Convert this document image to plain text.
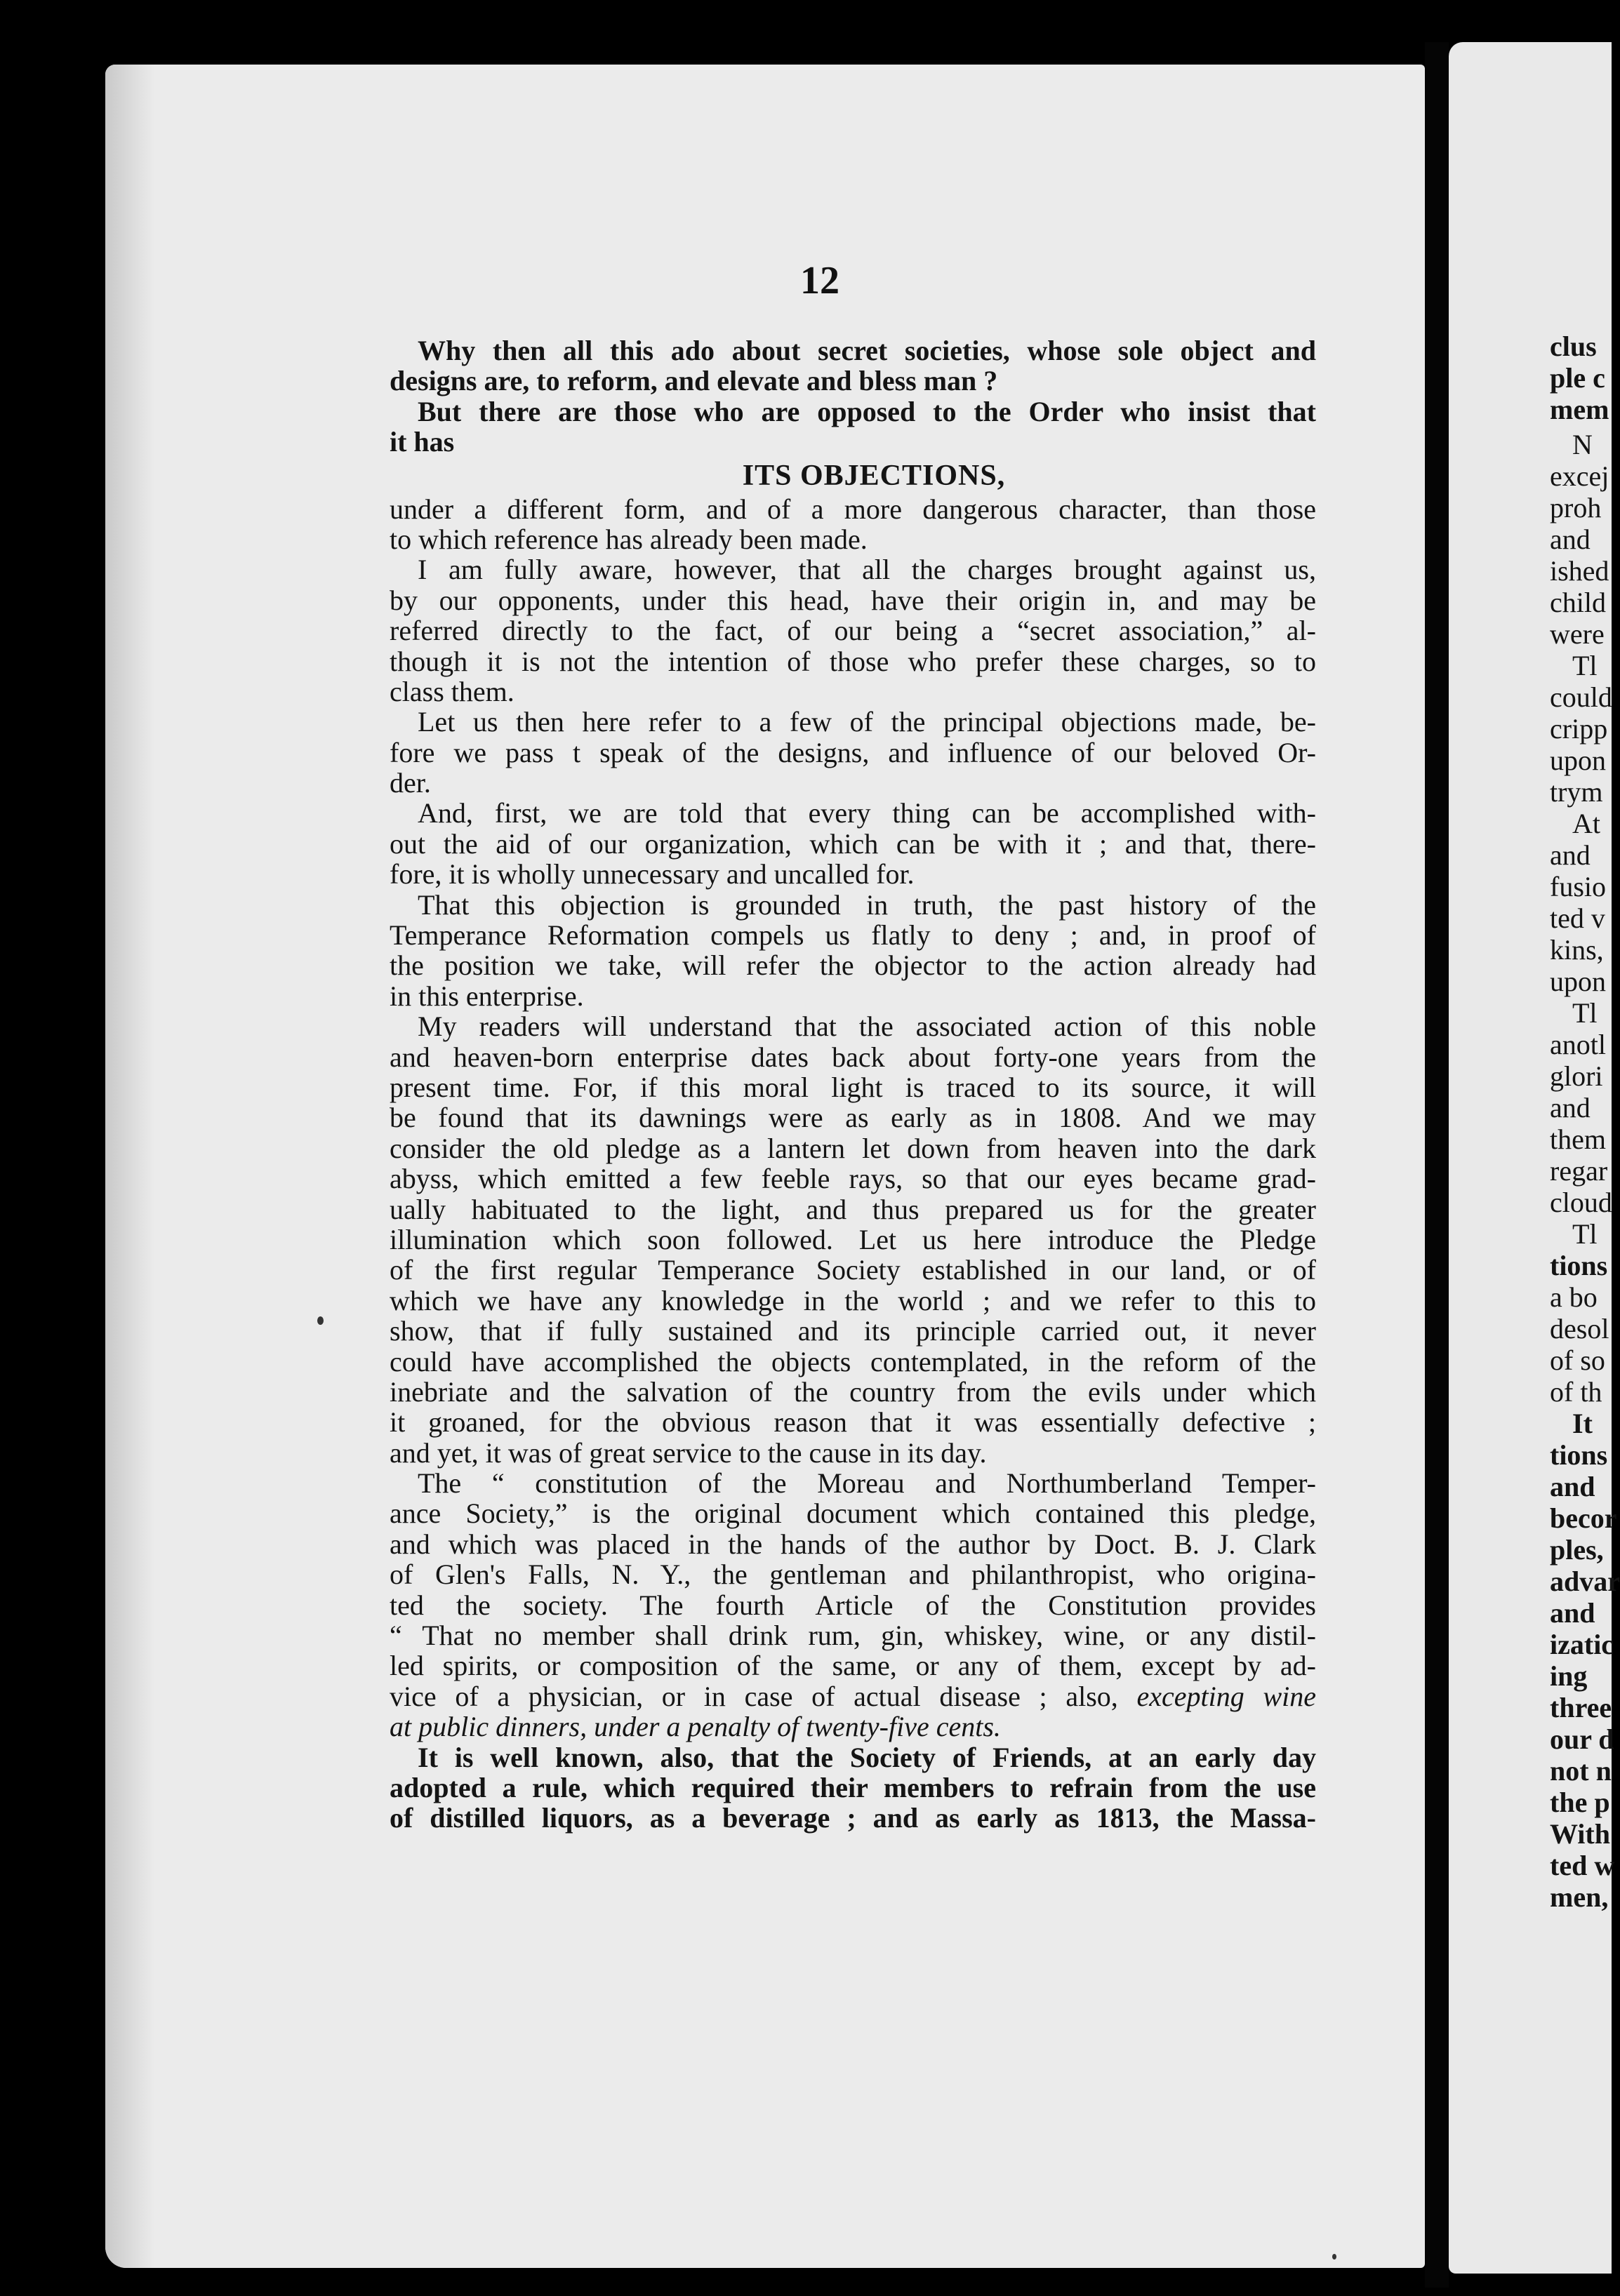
12
Why then all this ado about secret societies, whose sole object and
designs are, to reform, and elevate and bless man ?
But there are those who are opposed to the Order who insist that
it has
ITS OBJECTIONS,
under a different form, and of a more dangerous character, than those
to which reference has already been made.
I am fully aware, however, that all the charges brought against us,
by our opponents, under this head, have their origin in, and may be
referred directly to the fact, of our being a “secret association,” al-
though it is not the intention of those who prefer these charges, so to
class them.
Let us then here refer to a few of the principal objections made, be-
fore we pass t speak of the designs, and influence of our beloved Or-
der.
And, first, we are told that every thing can be accomplished with-
out the aid of our organization, which can be with it ; and that, there-
fore, it is wholly unnecessary and uncalled for.
That this objection is grounded in truth, the past history of the
Temperance Reformation compels us flatly to deny ; and, in proof of
the position we take, will refer the objector to the action already had
in this enterprise.
My readers will understand that the associated action of this noble
and heaven-born enterprise dates back about forty-one years from the
present time. For, if this moral light is traced to its source, it will
be found that its dawnings were as early as in 1808. And we may
consider the old pledge as a lantern let down from heaven into the dark
abyss, which emitted a few feeble rays, so that our eyes became grad-
ually habituated to the light, and thus prepared us for the greater
illumination which soon followed. Let us here introduce the Pledge
of the first regular Temperance Society established in our land, or of
which we have any knowledge in the world ; and we refer to this to
show, that if fully sustained and its principle carried out, it never
could have accomplished the objects contemplated, in the reform of the
inebriate and the salvation of the country from the evils under which
it groaned, for the obvious reason that it was essentially defective ;
and yet, it was of great service to the cause in its day.
The “ constitution of the Moreau and Northumberland Temper-
ance Society,” is the original document which contained this pledge,
and which was placed in the hands of the author by Doct. B. J. Clark
of Glen's Falls, N. Y., the gentleman and philanthropist, who origina-
ted the society. The fourth Article of the Constitution provides
“ That no member shall drink rum, gin, whiskey, wine, or any distil-
led spirits, or composition of the same, or any of them, except by ad-
vice of a physician, or in case of actual disease ; also, excepting wine
at public dinners, under a penalty of twenty-five cents.
It is well known, also, that the Society of Friends, at an early day
adopted a rule, which required their members to refrain from the use
of distilled liquors, as a beverage ; and as early as 1813, the Massa-
clus
ple c
mem
N
excej
proh
and
ished
child
were
Tl
could
cripp
upon
trym
At
and
fusio
ted v
kins,
upon
Tl
anotl
glori
and
them
regar
cloud
Tl
tions
a bo
desol
of so
of th
It
tions
and
becor
ples,
advar
and
izatic
ing
three
our d
not n
the p
With
ted w
men,
